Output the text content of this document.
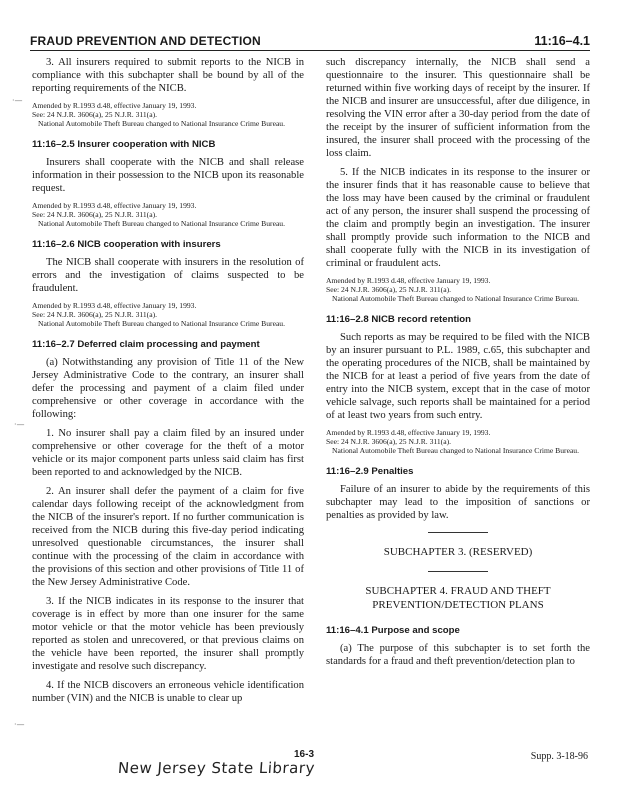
FRAUD PREVENTION AND DETECTION	11:16–4.1
·—
·—
·—

3. All insurers required to submit reports to the NICB in compliance with this subchapter shall be bound by all of the reporting requirements of the NICB.

Amended by R.1993 d.48, effective January 19, 1993.
See: 24 N.J.R. 3606(a), 25 N.J.R. 311(a).
National Automobile Theft Bureau changed to National Insurance Crime Bureau.
11:16–2.5 Insurer cooperation with NICB

Insurers shall cooperate with the NICB and shall release information in their possession to the NICB upon its reasonable request.

Amended by R.1993 d.48, effective January 19, 1993.
See: 24 N.J.R. 3606(a), 25 N.J.R. 311(a).
National Automobile Theft Bureau changed to National Insurance Crime Bureau.
11:16–2.6 NICB cooperation with insurers

The NICB shall cooperate with insurers in the resolution of errors and the investigation of claims suspected to be fraudulent.

Amended by R.1993 d.48, effective January 19, 1993.
See: 24 N.J.R. 3606(a), 25 N.J.R. 311(a).
National Automobile Theft Bureau changed to National Insurance Crime Bureau.
11:16–2.7 Deferred claim processing and payment

(a) Notwithstanding any provision of Title 11 of the New Jersey Administrative Code to the contrary, an insurer shall defer the processing and payment of a claim filed under comprehensive or other coverage in accordance with the following:

1. No insurer shall pay a claim filed by an insured under comprehensive or other coverage for the theft of a motor vehicle or its major component parts unless said claim has first been reported to and acknowledged by the NICB.

2. An insurer shall defer the payment of a claim for five calendar days following receipt of the acknowledgment from the NICB of the insurer's report. If no further communication is received from the NICB during this five-day period indicating unresolved questionable circumstances, the insurer shall continue with the processing of the claim in accordance with the provisions of this section and other provisions of Title 11 of the New Jersey Administrative Code.

3. If the NICB indicates in its response to the insurer that coverage is in effect by more than one insurer for the same motor vehicle or that the motor vehicle has been previously reported as stolen and unrecovered, or that previous claims on the vehicle have been reported, the insurer shall promptly investigate and resolve such discrepancy.

4. If the NICB discovers an erroneous vehicle identification number (VIN) and the NICB is unable to clear up

such discrepancy internally, the NICB shall send a questionnaire to the insurer. This questionnaire shall be returned within five working days of receipt by the insurer. If the NICB and insurer are unsuccessful, after due diligence, in resolving the VIN error after a 30-day period from the date of the receipt by the insurer of sufficient information from the insured, the insurer shall proceed with the processing of the loss claim.

5. If the NICB indicates in its response to the insurer or the insurer finds that it has reasonable cause to believe that the loss may have been caused by the criminal or fraudulent act of any person, the insurer shall suspend the processing of the claim and promptly begin an investigation. The insurer shall promptly provide such information to the NICB and shall cooperate fully with the NICB in its investigation of criminal or fraudulent acts.

Amended by R.1993 d.48, effective January 19, 1993.
See: 24 N.J.R. 3606(a), 25 N.J.R. 311(a).
National Automobile Theft Bureau changed to National Insurance Crime Bureau.
11:16–2.8 NICB record retention

Such reports as may be required to be filed with the NICB by an insurer pursuant to P.L. 1989, c.65, this subchapter and the operating procedures of the NICB, shall be maintained by the NICB for at least a period of five years from the date of entry into the NICB system, except that in the case of motor vehicle salvage, such reports shall be maintained for a period of at least two years from such entry.

Amended by R.1993 d.48, effective January 19, 1993.
See: 24 N.J.R. 3606(a), 25 N.J.R. 311(a).
National Automobile Theft Bureau changed to National Insurance Crime Bureau.
11:16–2.9 Penalties

Failure of an insurer to abide by the requirements of this subchapter may lead to the imposition of sanctions or penalties as provided by law.

SUBCHAPTER 3. (RESERVED)
SUBCHAPTER 4. FRAUD AND THEFT PREVENTION/DETECTION PLANS
11:16–4.1 Purpose and scope

(a) The purpose of this subchapter is to set forth the standards for a fraud and theft prevention/detection plan to

16-3	Supp. 3-18-96
New Jersey State Library
